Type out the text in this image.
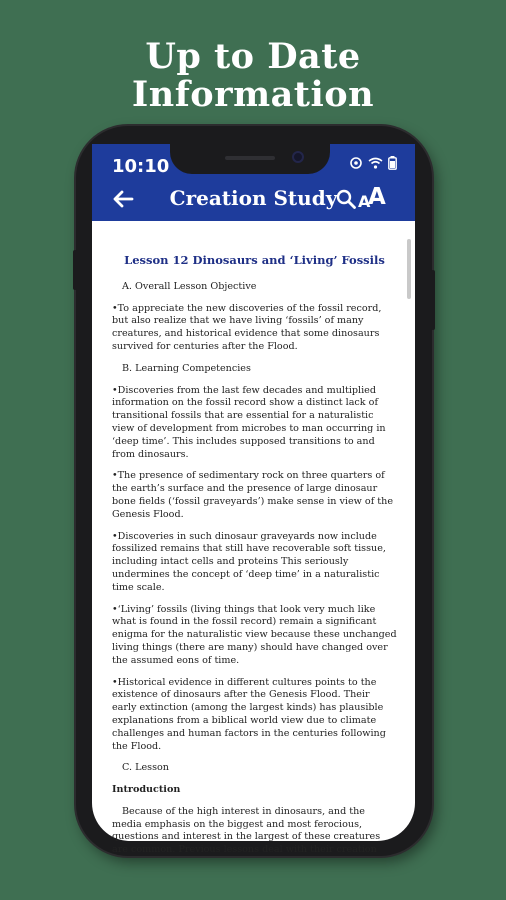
Up to Date
Information
10:10
Creation Study	A
A
Lesson 12 Dinosaurs and ‘Living’ Fossils
A. Overall Lesson Objective
•To appreciate the new discoveries of the fossil record, but also realize that we have living ‘fossils’ of many creatures, and historical evidence that some dinosaurs survived for centuries after the Flood.
B. Learning Competencies
•Discoveries from the last few decades and multiplied information on the fossil record show a distinct lack of transitional fossils that are essential for a naturalistic view of development from microbes to man occurring in ‘deep time’. This includes supposed transitions to and from dinosaurs.
•The presence of sedimentary rock on three quarters of the earth’s surface and the presence of large dinosaur bone fields (‘fossil graveyards’) make sense in view of the Genesis Flood.
•Discoveries in such dinosaur graveyards now include fossilized remains that still have recoverable soft tissue, including intact cells and proteins This seriously undermines the concept of ‘deep time’ in a naturalistic time scale.
•‘Living’ fossils (living things that look very much like what is found in the fossil record) remain a significant enigma for the naturalistic view because these unchanged living things (there are many) should have changed over the assumed eons of time.
•Historical evidence in different cultures points to the existence of dinosaurs after the Genesis Flood. Their early extinction (among the largest kinds) has plausible explanations from a biblical world view due to climate challenges and human factors in the centuries following the Flood.
C. Lesson
Introduction
Because of the high interest in dinosaurs, and the media emphasis on the biggest and most ferocious, questions and interest in the largest of these creatures are common. Previous lessons deal with their creation
